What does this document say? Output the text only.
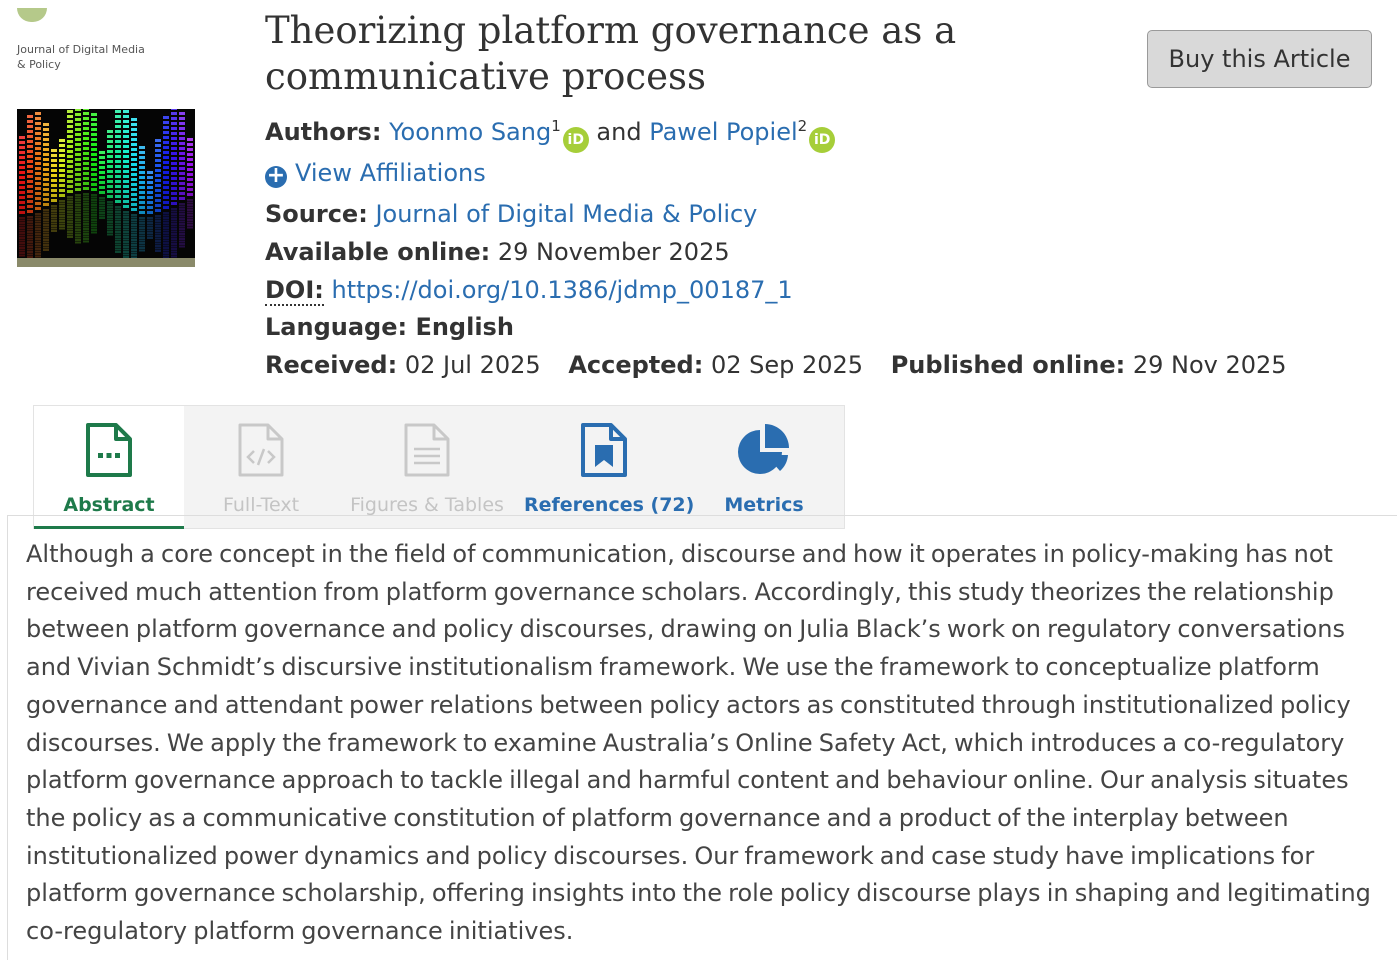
Journal of Digital Media
& Policy
Theorizing platform governance as a communicative process	Buy this Article
Authors: Yoonmo Sang$^1$iD and Pawel Popiel$^2$iD
+ View Affiliations
Source: Journal of Digital Media & Policy
Available online: 29 November 2025
DOI: https://doi.org/10.1386/jdmp_00187_1
Language: English
Received: 02 Jul 2025 Accepted: 02 Sep 2025 Published online: 29 Nov 2025
Abstract	Full-Text	Figures & Tables	References (72)	Metrics

Although a core concept in the field of communication, discourse and how it operates in policy-making has not received much attention from platform governance scholars. Accordingly, this study theorizes the relationship between platform governance and policy discourses, drawing on Julia Black’s work on regulatory conversations and Vivian Schmidt’s discursive institutionalism framework. We use the framework to conceptualize platform governance and attendant power relations between policy actors as constituted through institutionalized policy discourses. We apply the framework to examine Australia’s Online Safety Act, which introduces a co-regulatory platform governance approach to tackle illegal and harmful content and behaviour online. Our analysis situates the policy as a communicative constitution of platform governance and a product of the interplay between institutionalized power dynamics and policy discourses. Our framework and case study have implications for platform governance scholarship, offering insights into the role policy discourse plays in shaping and legitimating co-regulatory platform governance initiatives.
